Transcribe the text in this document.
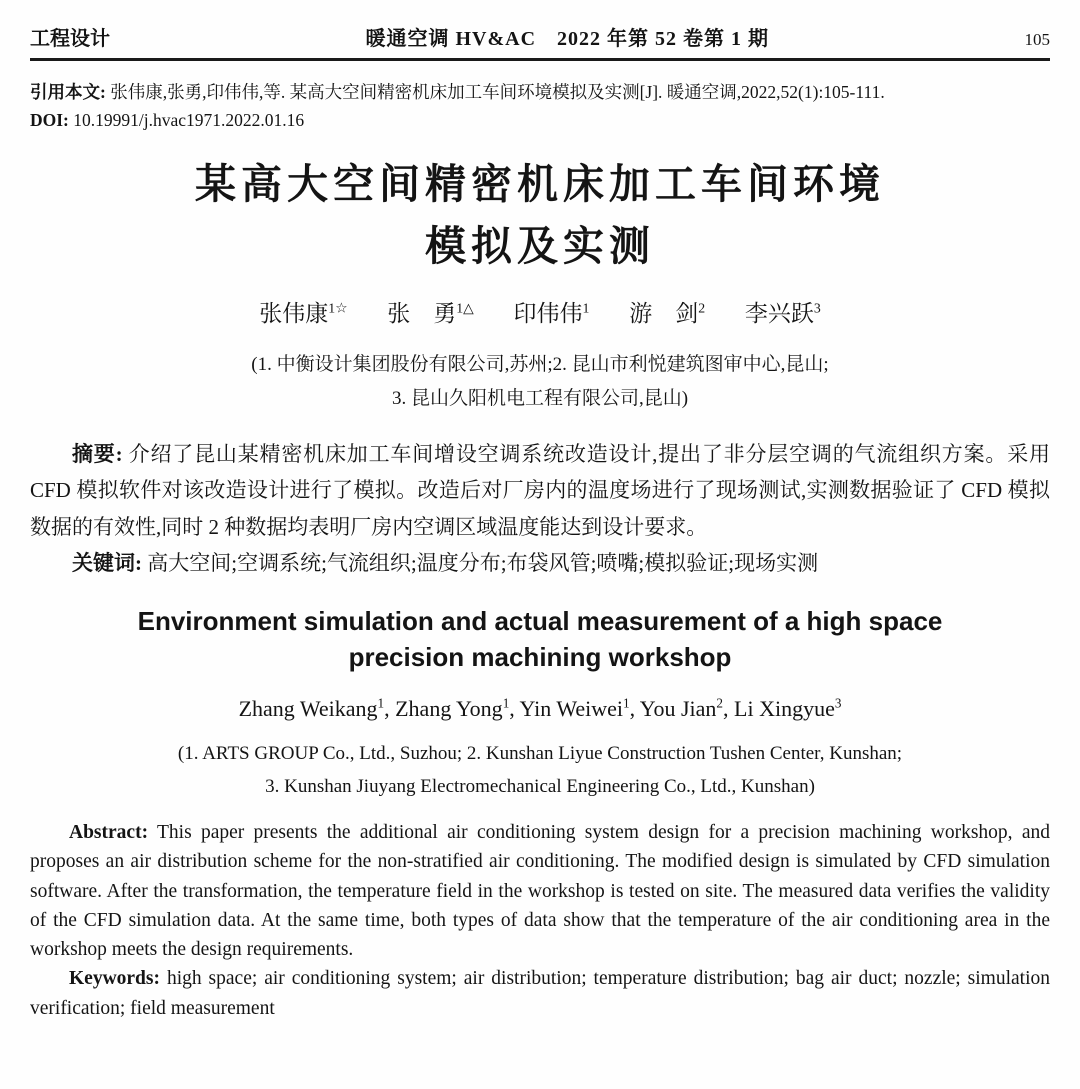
工程设计	暖通空调 HV&AC　2022 年第 52 卷第 1 期	105

引用本文: 张伟康,张勇,印伟伟,等. 某高大空间精密机床加工车间环境模拟及实测[J]. 暖通空调,2022,52(1):105-111.
DOI: 10.19991/j.hvac1971.2022.01.16

某高大空间精密机床加工车间环境
模拟及实测
张伟康$^{1☆}$ 张　勇$^{1\triangle}$ 印伟伟$^1$ 游　剑$^2$ 李兴跃$^3$
(1. 中衡设计集团股份有限公司,苏州;2. 昆山市利悦建筑图审中心,昆山;
3. 昆山久阳机电工程有限公司,昆山)

摘要: 介绍了昆山某精密机床加工车间增设空调系统改造设计,提出了非分层空调的气流组织方案。采用 CFD 模拟软件对该改造设计进行了模拟。改造后对厂房内的温度场进行了现场测试,实测数据验证了 CFD 模拟数据的有效性,同时 2 种数据均表明厂房内空调区域温度能达到设计要求。

关键词: 高大空间;空调系统;气流组织;温度分布;布袋风管;喷嘴;模拟验证;现场实测

Environment simulation and actual measurement of a high space
precision machining workshop
Zhang Weikang$^1$, Zhang Yong$^1$, Yin Weiwei$^1$, You Jian$^2$, Li Xingyue$^3$
(1. ARTS GROUP Co., Ltd., Suzhou; 2. Kunshan Liyue Construction Tushen Center, Kunshan;
3. Kunshan Jiuyang Electromechanical Engineering Co., Ltd., Kunshan)

Abstract: This paper presents the additional air conditioning system design for a precision machining workshop, and proposes an air distribution scheme for the non-stratified air conditioning. The modified design is simulated by CFD simulation software. After the transformation, the temperature field in the workshop is tested on site. The measured data verifies the validity of the CFD simulation data. At the same time, both types of data show that the temperature of the air conditioning area in the workshop meets the design requirements.

Keywords: high space; air conditioning system; air distribution; temperature distribution; bag air duct; nozzle; simulation verification; field measurement
